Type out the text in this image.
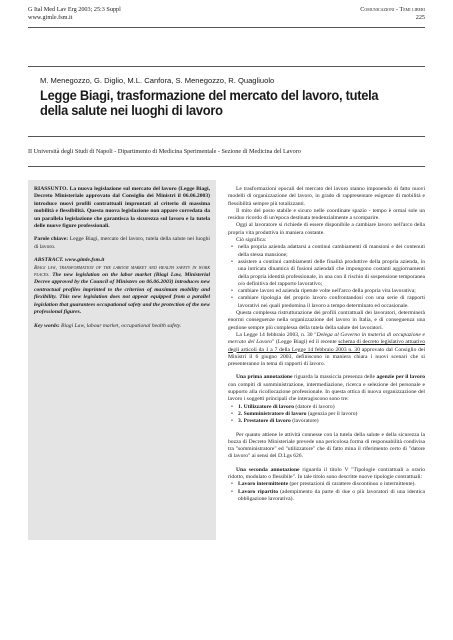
G Ital Med Lav Erg 2003; 25:3 Suppl
www.gimle.fsm.it
Comunicazioni - Temi liberi
225
M. Menegozzo, G. Diglio, M.L. Canfora, S. Menegozzo, R. Quagliuolo
Legge Biagi, trasformazione del mercato del lavoro, tutela della salute nei luoghi di lavoro
II Università degli Studi di Napoli - Dipartimento di Medicina Sperimentale - Sezione di Medicina del Lavoro

RIASSUNTO. La nuova legislazione sul mercato del lavoro (Legge Biagi, Decreto Ministeriale approvato dal Consiglio dei Ministri il 06.06.2003) introduce nuovi profili contrattuali improntati al criterio di massima mobilità e flessibilità. Questa nuova legislazione non appare corredata da un parallela legislazione che garantisca la sicurezza sul lavoro e la tutela delle nuove figure professionali.

Parole chiave: Legge Biagi, mercato del lavoro, tutela della salute nei luoghi di lavoro.

ABSTRACT. www.gimle.fsm.it
Biagi law, transformation of the labour market and health safety in work places. The new legislation on the labor market (Biagi Law, Ministerial Decree approved by the Council of Ministers on 06.06.2003) introduces new contractual profiles imprinted to the criterion of maximum mobility and flexibility. This new legislation does not appear equipped from a parallel legislation that guarantees occupational safety and the protection of the new professional figures.

Key words: Biagi Law, labour market, occupational health safety.

Le trasformazioni epocali del mercato del lavoro stanno imponendo di fatto nuovi modelli di organizzazione del lavoro, in grado di rappresentare esigenze di mobilità e flessibilità sempre più totalizzanti.

Il mito del posto stabile e sicuro nelle coordinate spazio - tempo è ormai sole un residuo ricordo di un'epoca destinata tendenzialmente a scomparire.

Oggi al lavoratore si richiede di essere disponibile a cambiare lavoro nell'arco della propria vita produttiva in maniera costante.

Ciò significa:

• nella propria azienda adattarsi a continui cambiamenti di mansioni e dei contenuti della stessa mansione;
• assistere a continui cambiamenti delle finalità produttive della propria azienda, in una intricata dinamica di fusioni aziendali che impongono costanti aggiornamenti della propria identità professionale, in una con il rischio di sospensione temporanea o/o definitiva del rapporto lavorativo;
• cambiare lavoro ed azienda ripetute volte nell'arco della propria vita lavorativa;
• cambiare tipologia del proprio lavoro confrontandosi con una serie di rapporti lavorativi nei quali predomina il lavoro a tempo determinato ed occasionale.

Questa complessa ristrutturazione dei profili contrattuali dei lavoratori, determinerà enormi conseguenze nella organizzazione del lavoro in Italia, e di conseguenza una gestione sempre più complessa della tutela della salute dei lavoratori.

La Legge 14 febbraio 2003, n. 30 "Delega al Governo in materia di occupazione e mercato del Lavoro" (Legge Biagi) ed il recente schema di decreto legislativo attuativo degli articoli da 1 a 7 della Legge 14 febbraio 2003 n. 30 approvato dal Consiglio dei Ministri il 6 giugno 2003, definiscono in maniera chiara i nuovi scenari che si presenteranno in tema di rapporti di lavoro.

Una prima annotazione riguarda la massiccia presenza delle agenzie per il lavoro con compiti di somministrazione, intermediazione, ricerca e selezione del personale e supporto alla ricollocazione professionale. In questa ottica di nuova organizzazione del lavoro i soggetti principali che interagiscono sono tre:

• 1. Utilizzatore di lavoro (datore di lavoro)
• 2. Somministratore di lavoro (agenzia per il lavoro)
• 3. Prestatore di lavoro (lavoratore)

Per quanto attiene le attività connesse con la tutela della salute e della sicurezza la bozza di Decreto Ministeriale prevede una pericolosa forma di responsabilità condivisa tra "somministratore" ed "utilizzatore" che di fatto mina il riferimento certo di "datore di lavoro" ai sensi del D.Lgs 626.

Una seconda annotazione riguarda il titolo V "Tipologie contrattuali a orario ridotto, modulato o flessibile". In tale titolo sono descritte nuove tipologie contrattuali:

• Lavoro intermittente (per prestazioni di carattere discontinuo o intermittente).
• Lavoro ripartito (adempimento da parte di due o più lavoratori di una identica obbligazione lavorativa).
